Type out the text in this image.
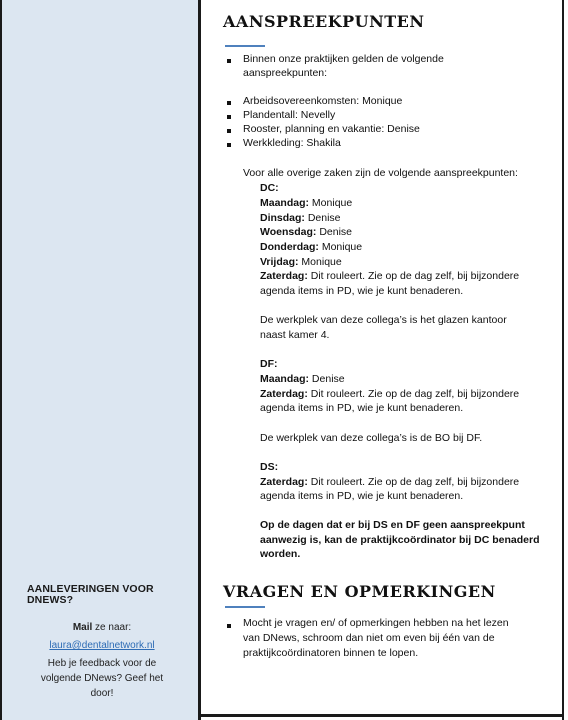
AANLEVERINGEN VOOR
DNEWS?
Mail ze naar:
laura@dentalnetwork.nl
Heb je feedback voor de
volgende DNews? Geef het
door!
AANSPREEKPUNTEN
Binnen onze praktijken gelden de volgende
aanspreekpunten:
Arbeidsovereenkomsten: Monique
Plandentall: Nevelly
Rooster, planning en vakantie: Denise
Werkkleding: Shakila
Voor alle overige zaken zijn de volgende aanspreekpunten:
DC:
Maandag: Monique
Dinsdag: Denise
Woensdag: Denise
Donderdag: Monique
Vrijdag: Monique
Zaterdag: Dit rouleert. Zie op de dag zelf, bij bijzondere
agenda items in PD, wie je kunt benaderen.
De werkplek van deze collega’s is het glazen kantoor
naast kamer 4.
DF:
Maandag: Denise
Zaterdag: Dit rouleert. Zie op de dag zelf, bij bijzondere
agenda items in PD, wie je kunt benaderen.
De werkplek van deze collega’s is de BO bij DF.
DS:
Zaterdag: Dit rouleert. Zie op de dag zelf, bij bijzondere
agenda items in PD, wie je kunt benaderen.
Op de dagen dat er bij DS en DF geen aanspreekpunt
aanwezig is, kan de praktijkcoördinator bij DC benaderd
worden.
VRAGEN EN OPMERKINGEN
Mocht je vragen en/ of opmerkingen hebben na het lezen
van DNews, schroom dan niet om even bij één van de
praktijkcoördinatoren binnen te lopen.
